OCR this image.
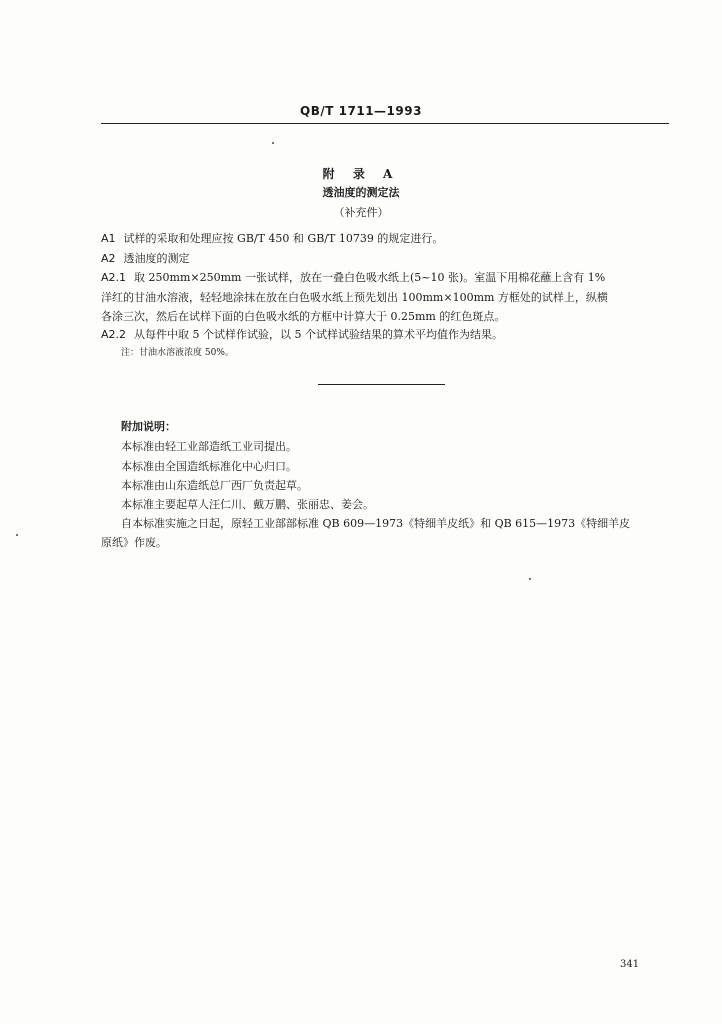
QB/T 1711—1993
附 录 A
透油度的测定法
（补充件）
A1 试样的采取和处理应按 GB/T 450 和 GB/T 10739 的规定进行。
A2 透油度的测定
A2.1 取 250mm×250mm 一张试样，放在一叠白色吸水纸上(5~10 张)。室温下用棉花蘸上含有 1%
洋红的甘油水溶液，轻轻地涂抹在放在白色吸水纸上预先划出 100mm×100mm 方框处的试样上，纵横
各涂三次，然后在试样下面的白色吸水纸的方框中计算大于 0.25mm 的红色斑点。
A2.2 从每件中取 5 个试样作试验，以 5 个试样试验结果的算术平均值作为结果。
注：甘油水溶液浓度 50%。
附加说明：
本标准由轻工业部造纸工业司提出。
本标准由全国造纸标准化中心归口。
本标准由山东造纸总厂西厂负责起草。
本标准主要起草人汪仁川、戴万鹏、张丽忠、姜会。
自本标准实施之日起，原轻工业部部标准 QB 609—1973《特细羊皮纸》和 QB 615—1973《特细羊皮
原纸》作废。
341
